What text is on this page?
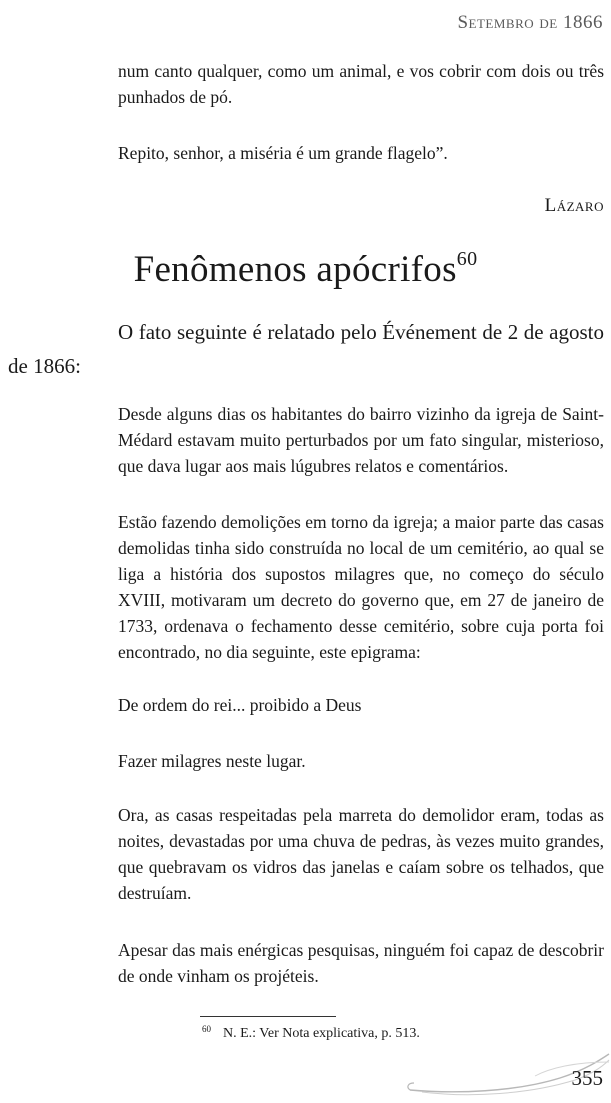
Setembro de 1866

num canto qualquer, como um animal, e vos cobrir com dois ou três punhados de pó.

Repito, senhor, a miséria é um grande flagelo”.

Lázaro
Fenômenos apócrifos$^{60}$

O fato seguinte é relatado pelo Événement de 2 de agosto de 1866:

Desde alguns dias os habitantes do bairro vizinho da igreja de Saint-Médard estavam muito perturbados por um fato singular, misterioso, que dava lugar aos mais lúgubres relatos e comentários.

Estão fazendo demolições em torno da igreja; a maior parte das casas demolidas tinha sido construída no local de um cemitério, ao qual se liga a história dos supostos milagres que, no começo do século XVIII, motivaram um decreto do governo que, em 27 de janeiro de 1733, ordenava o fechamento desse cemitério, sobre cuja porta foi encontrado, no dia seguinte, este epigrama:

De ordem do rei... proibido a Deus

Fazer milagres neste lugar.

Ora, as casas respeitadas pela marreta do demolidor eram, todas as noites, devastadas por uma chuva de pedras, às vezes muito grandes, que quebravam os vidros das janelas e caíam sobre os telhados, que destruíam.

Apesar das mais enérgicas pesquisas, ninguém foi capaz de descobrir de onde vinham os projéteis.

$^{60}$ N. E.: Ver Nota explicativa, p. 513.
355
